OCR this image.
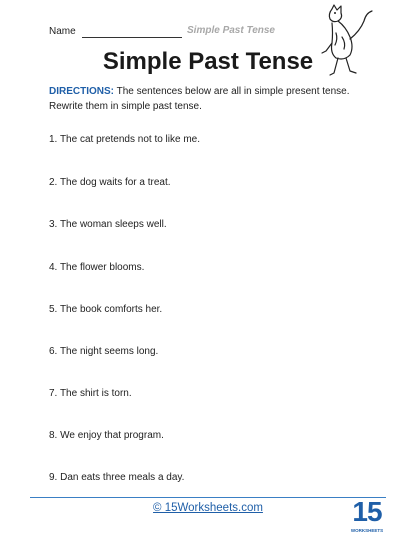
Name	Simple Past Tense
Simple Past Tense
DIRECTIONS: The sentences below are all in simple present tense. Rewrite them in simple past tense.
1. The cat pretends not to like me.
2. The dog waits for a treat.
3. The woman sleeps well.
4. The flower blooms.
5. The book comforts her.
6. The night seems long.
7. The shirt is torn.
8. We enjoy that program.
9. Dan eats three meals a day.
© 15Worksheets.com	15
WORKSHEETS
